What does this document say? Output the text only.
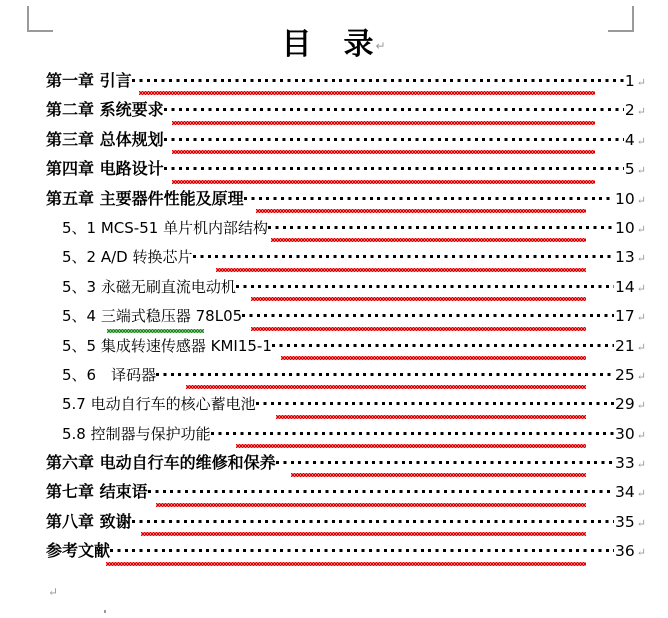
目　录↵
第一章 引言	1 ↵
第二章 系统要求	2 ↵
第三章 总体规划	4 ↵
第四章 电路设计	5 ↵
第五章 主要器件性能及原理	10 ↵
5、1 MCS-51 单片机内部结构	10 ↵
5、2 A/D 转换芯片	13 ↵
5、3 永磁无刷直流电动机	14 ↵
5、4 三端式稳压器 78L05	17 ↵
5、5 集成转速传感器 KMI15-1	21 ↵
5、6　译码器	25 ↵
5.7 电动自行车的核心蓄电池	29 ↵
5.8 控制器与保护功能	30 ↵
第六章 电动自行车的维修和保养	33 ↵
第七章 结束语	34 ↵
第八章 致谢	35 ↵
参考文献	36 ↵
↵
